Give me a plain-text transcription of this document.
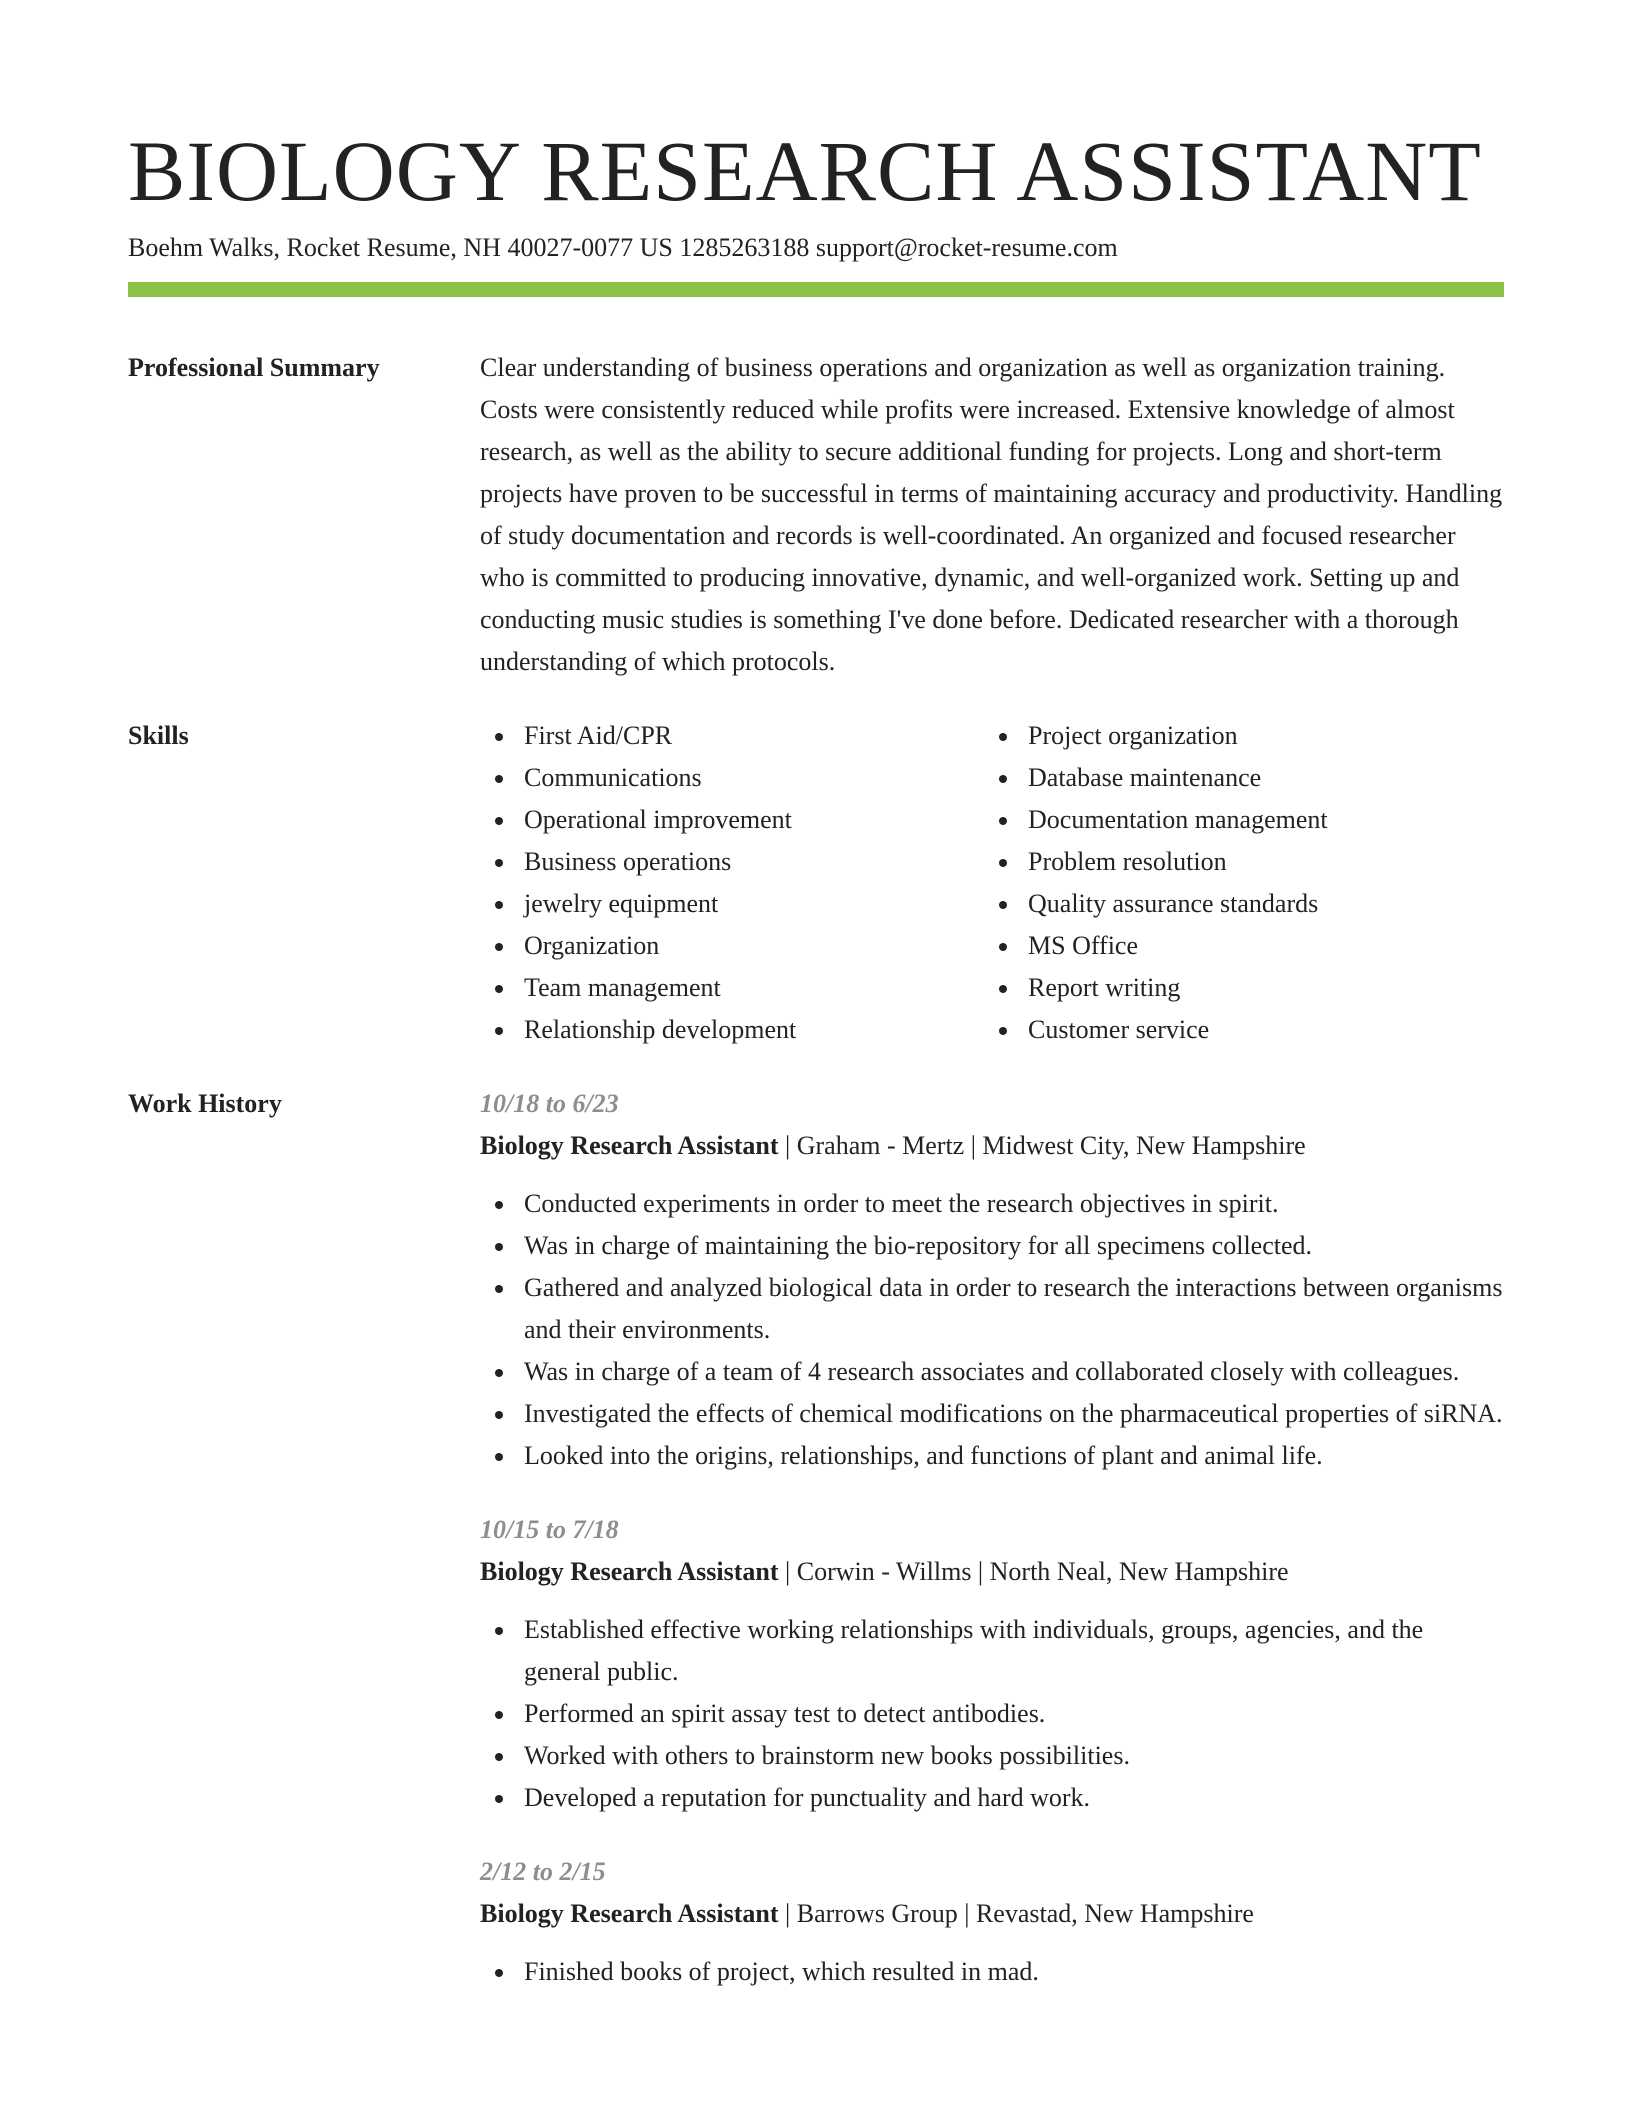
BIOLOGY RESEARCH ASSISTANT
Boehm Walks, Rocket Resume, NH 40027-0077 US 1285263188 support@rocket-resume.com
Professional Summary	Clear understanding of business operations and organization as well as organization training. Costs were consistently reduced while profits were increased. Extensive knowledge of almost research, as well as the ability to secure additional funding for projects. Long and short-term projects have proven to be successful in terms of maintaining accuracy and productivity. Handling of study documentation and records is well-coordinated. An organized and focused researcher who is committed to producing innovative, dynamic, and well-organized work. Setting up and conducting music studies is something I've done before. Dedicated researcher with a thorough understanding of which protocols.
Skills	First Aid/CPR
Communications
Operational improvement
Business operations
jewelry equipment
Organization
Team management
Relationship development
Project organization
Database maintenance
Documentation management
Problem resolution
Quality assurance standards
MS Office
Report writing
Customer service
Work History	10/18 to 6/23
Biology Research Assistant | Graham - Mertz | Midwest City, New Hampshire
Conducted experiments in order to meet the research objectives in spirit.
Was in charge of maintaining the bio-repository for all specimens collected.
Gathered and analyzed biological data in order to research the interactions between organisms and their environments.
Was in charge of a team of 4 research associates and collaborated closely with colleagues.
Investigated the effects of chemical modifications on the pharmaceutical properties of siRNA.
Looked into the origins, relationships, and functions of plant and animal life.
10/15 to 7/18
Biology Research Assistant | Corwin - Willms | North Neal, New Hampshire
Established effective working relationships with individuals, groups, agencies, and the general public.
Performed an spirit assay test to detect antibodies.
Worked with others to brainstorm new books possibilities.
Developed a reputation for punctuality and hard work.
2/12 to 2/15
Biology Research Assistant | Barrows Group | Revastad, New Hampshire
Finished books of project, which resulted in mad.
